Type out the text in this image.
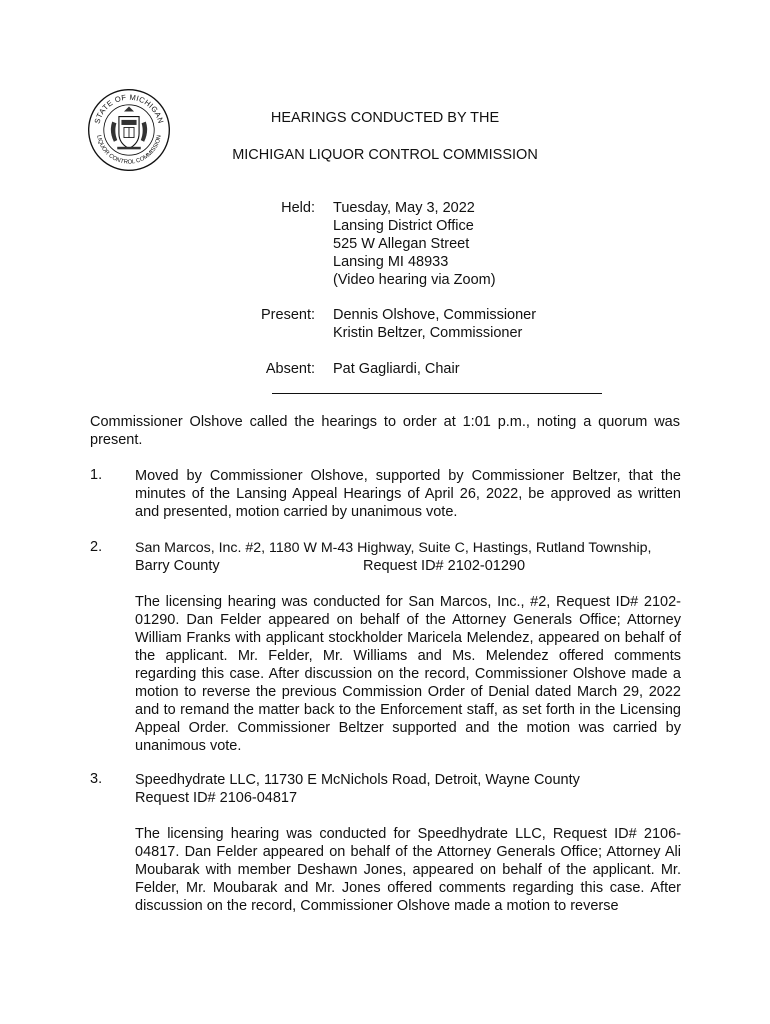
STATE OF MICHIGAN
LIQUOR CONTROL COMMISSION
HEARINGS CONDUCTED BY THE
MICHIGAN LIQUOR CONTROL COMMISSION
Held: Tuesday, May 3, 2022
Lansing District Office
525 W Allegan Street
Lansing MI 48933
(Video hearing via Zoom)
Present: Dennis Olshove, Commissioner
Kristin Beltzer, Commissioner
Absent: Pat Gagliardi, Chair
Commissioner Olshove called the hearings to order at 1:01 p.m., noting a quorum was present.
1. Moved by Commissioner Olshove, supported by Commissioner Beltzer, that the minutes of the Lansing Appeal Hearings of April 26, 2022, be approved as written and presented, motion carried by unanimous vote.
2. San Marcos, Inc. #2, 1180 W M-43 Highway, Suite C, Hastings, Rutland Township,
Barry County	Request ID# 2102-01290
The licensing hearing was conducted for San Marcos, Inc., #2, Request ID# 2102-01290. Dan Felder appeared on behalf of the Attorney Generals Office; Attorney William Franks with applicant stockholder Maricela Melendez, appeared on behalf of the applicant. Mr. Felder, Mr. Williams and Ms. Melendez offered comments regarding this case. After discussion on the record, Commissioner Olshove made a motion to reverse the previous Commission Order of Denial dated March 29, 2022 and to remand the matter back to the Enforcement staff, as set forth in the Licensing Appeal Order. Commissioner Beltzer supported and the motion was carried by unanimous vote.
3. Speedhydrate LLC, 11730 E McNichols Road, Detroit, Wayne County
Request ID# 2106-04817
The licensing hearing was conducted for Speedhydrate LLC, Request ID# 2106-04817. Dan Felder appeared on behalf of the Attorney Generals Office; Attorney Ali Moubarak with member Deshawn Jones, appeared on behalf of the applicant. Mr. Felder, Mr. Moubarak and Mr. Jones offered comments regarding this case. After discussion on the record, Commissioner Olshove made a motion to reverse
